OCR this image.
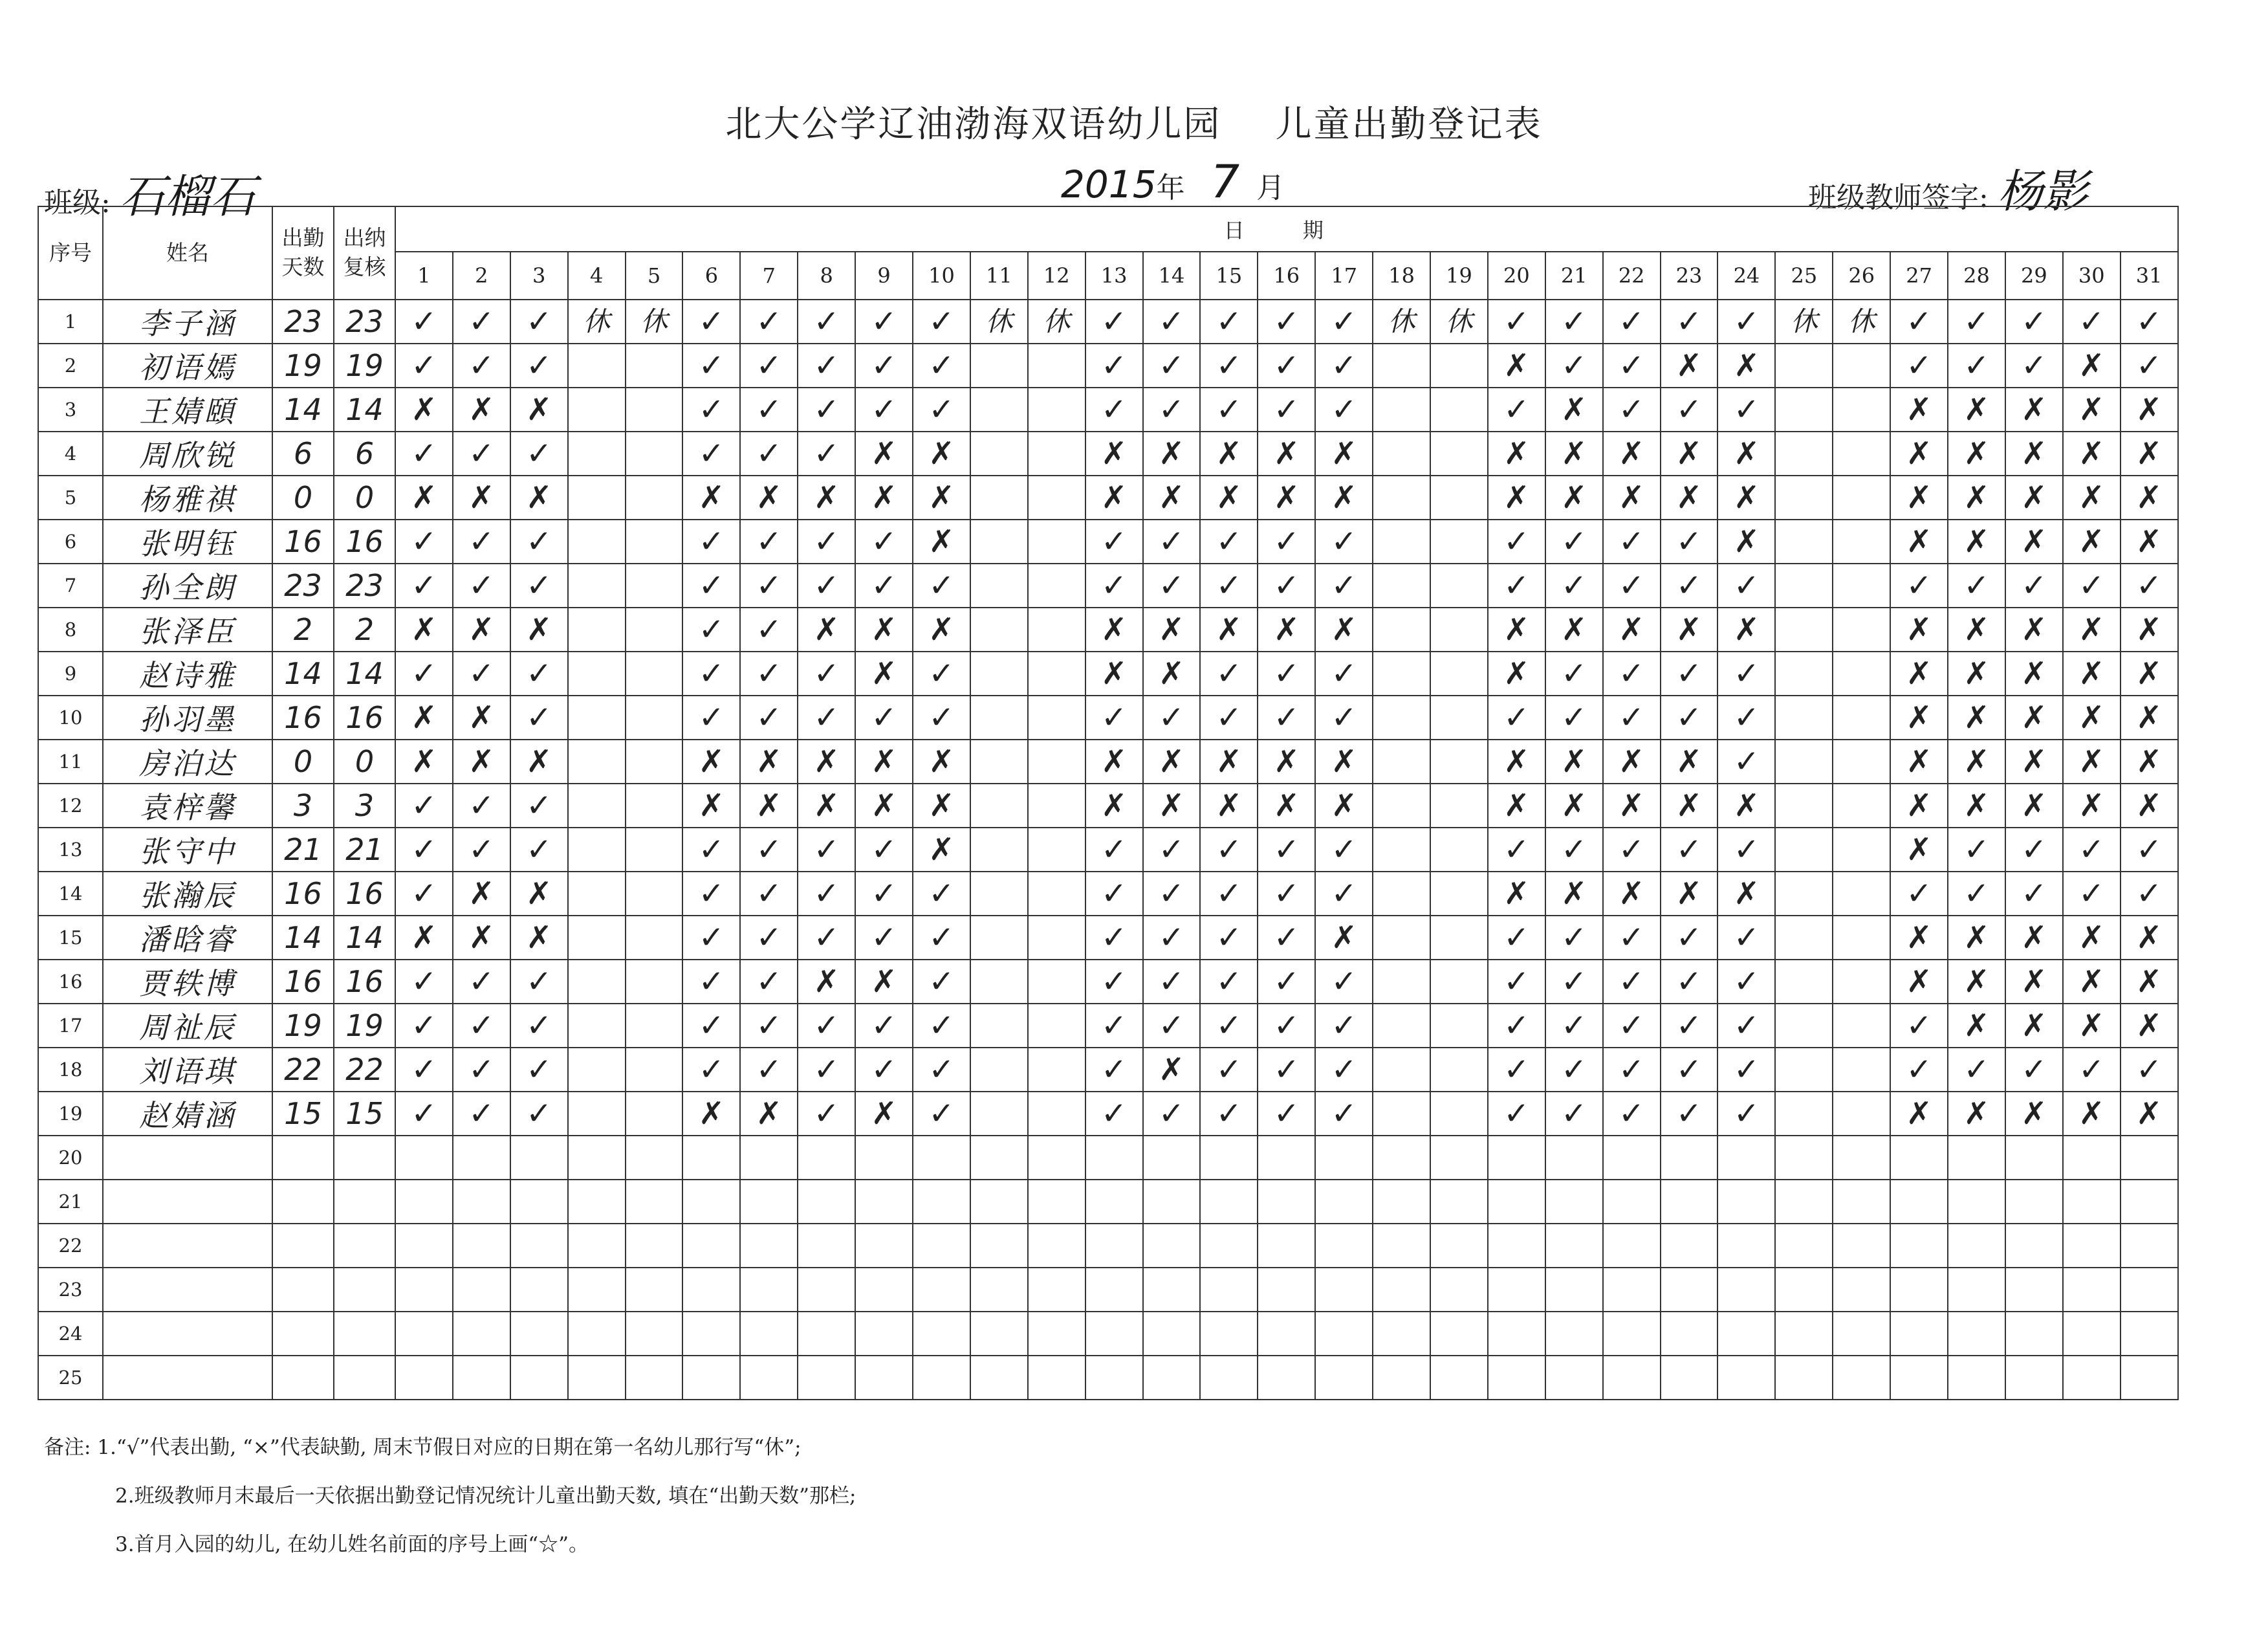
北大公学辽油渤海双语幼儿园    儿童出勤登记表
班级: 石榴石	2015年 7 月	班级教师签字: 杨影
序号	姓名	出勤天数	出纳复核	日 期																														
				1	2	3	4	5	6	7	8	9	10	11	12	13	14	15	16	17	18	19	20	21	22	23	24	25	26	27	28	29	30	31
1	李子涵	23	23	✓	✓	✓	休	休	✓	✓	✓	✓	✓	休	休	✓	✓	✓	✓	✓	休	休	✓	✓	✓	✓	✓	休	休	✓	✓	✓	✓	✓
2	初语嫣	19	19	✓	✓	✓			✓	✓	✓	✓	✓			✓	✓	✓	✓	✓			✗	✓	✓	✗	✗			✓	✓	✓	✗	✓
3	王婧頤	14	14	✗	✗	✗			✓	✓	✓	✓	✓			✓	✓	✓	✓	✓			✓	✗	✓	✓	✓			✗	✗	✗	✗	✗
4	周欣锐	6	6	✓	✓	✓			✓	✓	✓	✗	✗			✗	✗	✗	✗	✗			✗	✗	✗	✗	✗			✗	✗	✗	✗	✗
5	杨雅祺	0	0	✗	✗	✗			✗	✗	✗	✗	✗			✗	✗	✗	✗	✗			✗	✗	✗	✗	✗			✗	✗	✗	✗	✗
6	张明钰	16	16	✓	✓	✓			✓	✓	✓	✓	✗			✓	✓	✓	✓	✓			✓	✓	✓	✓	✗			✗	✗	✗	✗	✗
7	孙全朗	23	23	✓	✓	✓			✓	✓	✓	✓	✓			✓	✓	✓	✓	✓			✓	✓	✓	✓	✓			✓	✓	✓	✓	✓
8	张泽臣	2	2	✗	✗	✗			✓	✓	✗	✗	✗			✗	✗	✗	✗	✗			✗	✗	✗	✗	✗			✗	✗	✗	✗	✗
9	赵诗雅	14	14	✓	✓	✓			✓	✓	✓	✗	✓			✗	✗	✓	✓	✓			✗	✓	✓	✓	✓			✗	✗	✗	✗	✗
10	孙羽墨	16	16	✗	✗	✓			✓	✓	✓	✓	✓			✓	✓	✓	✓	✓			✓	✓	✓	✓	✓			✗	✗	✗	✗	✗
11	房泊达	0	0	✗	✗	✗			✗	✗	✗	✗	✗			✗	✗	✗	✗	✗			✗	✗	✗	✗	✓			✗	✗	✗	✗	✗
12	袁梓馨	3	3	✓	✓	✓			✗	✗	✗	✗	✗			✗	✗	✗	✗	✗			✗	✗	✗	✗	✗			✗	✗	✗	✗	✗
13	张守中	21	21	✓	✓	✓			✓	✓	✓	✓	✗			✓	✓	✓	✓	✓			✓	✓	✓	✓	✓			✗	✓	✓	✓	✓
14	张瀚辰	16	16	✓	✗	✗			✓	✓	✓	✓	✓			✓	✓	✓	✓	✓			✗	✗	✗	✗	✗			✓	✓	✓	✓	✓
15	潘晗睿	14	14	✗	✗	✗			✓	✓	✓	✓	✓			✓	✓	✓	✓	✗			✓	✓	✓	✓	✓			✗	✗	✗	✗	✗
16	贾轶博	16	16	✓	✓	✓			✓	✓	✗	✗	✓			✓	✓	✓	✓	✓			✓	✓	✓	✓	✓			✗	✗	✗	✗	✗
17	周祉辰	19	19	✓	✓	✓			✓	✓	✓	✓	✓			✓	✓	✓	✓	✓			✓	✓	✓	✓	✓			✓	✗	✗	✗	✗
18	刘语琪	22	22	✓	✓	✓			✓	✓	✓	✓	✓			✓	✗	✓	✓	✓			✓	✓	✓	✓	✓			✓	✓	✓	✓	✓
19	赵婧涵	15	15	✓	✓	✓			✗	✗	✓	✗	✓			✓	✓	✓	✓	✓			✓	✓	✓	✓	✓			✗	✗	✗	✗	✗
20																																		
21																																		
22																																		
23																																		
24																																		
25																																		
备注: 1.“√”代表出勤, “×”代表缺勤, 周末节假日对应的日期在第一名幼儿那行写“休”;
2.班级教师月末最后一天依据出勤登记情况统计儿童出勤天数, 填在“出勤天数”那栏;
3.首月入园的幼儿, 在幼儿姓名前面的序号上画“☆”。
